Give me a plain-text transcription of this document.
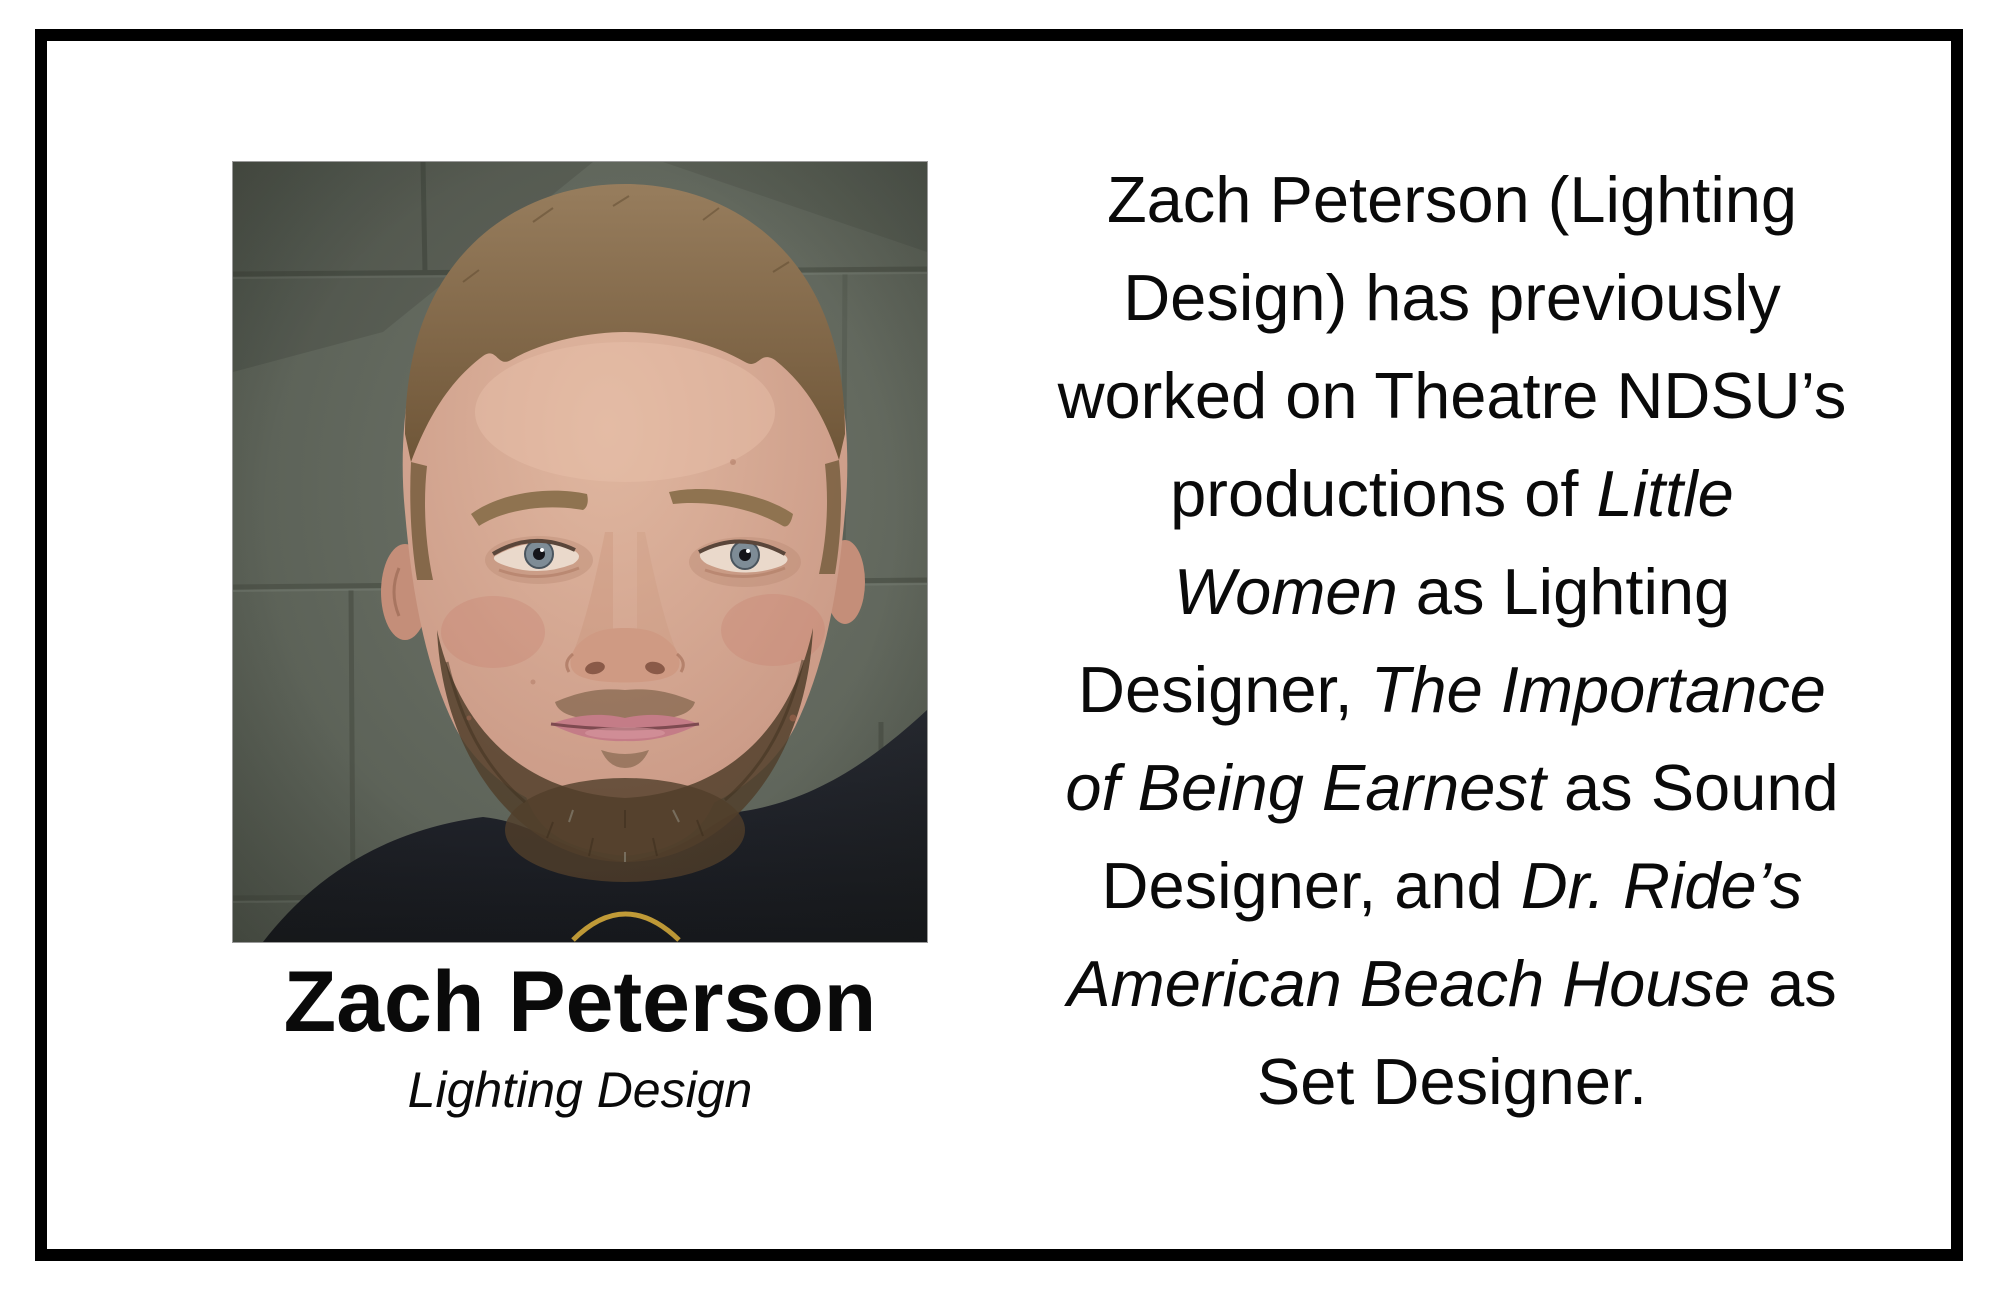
Zach Peterson
Lighting Design
Zach Peterson (Lighting
Design) has previously
worked on Theatre NDSU’s
productions of Little
Women as Lighting
Designer, The Importance
of Being Earnest as Sound
Designer, and Dr. Ride’s
American Beach House as
Set Designer.
